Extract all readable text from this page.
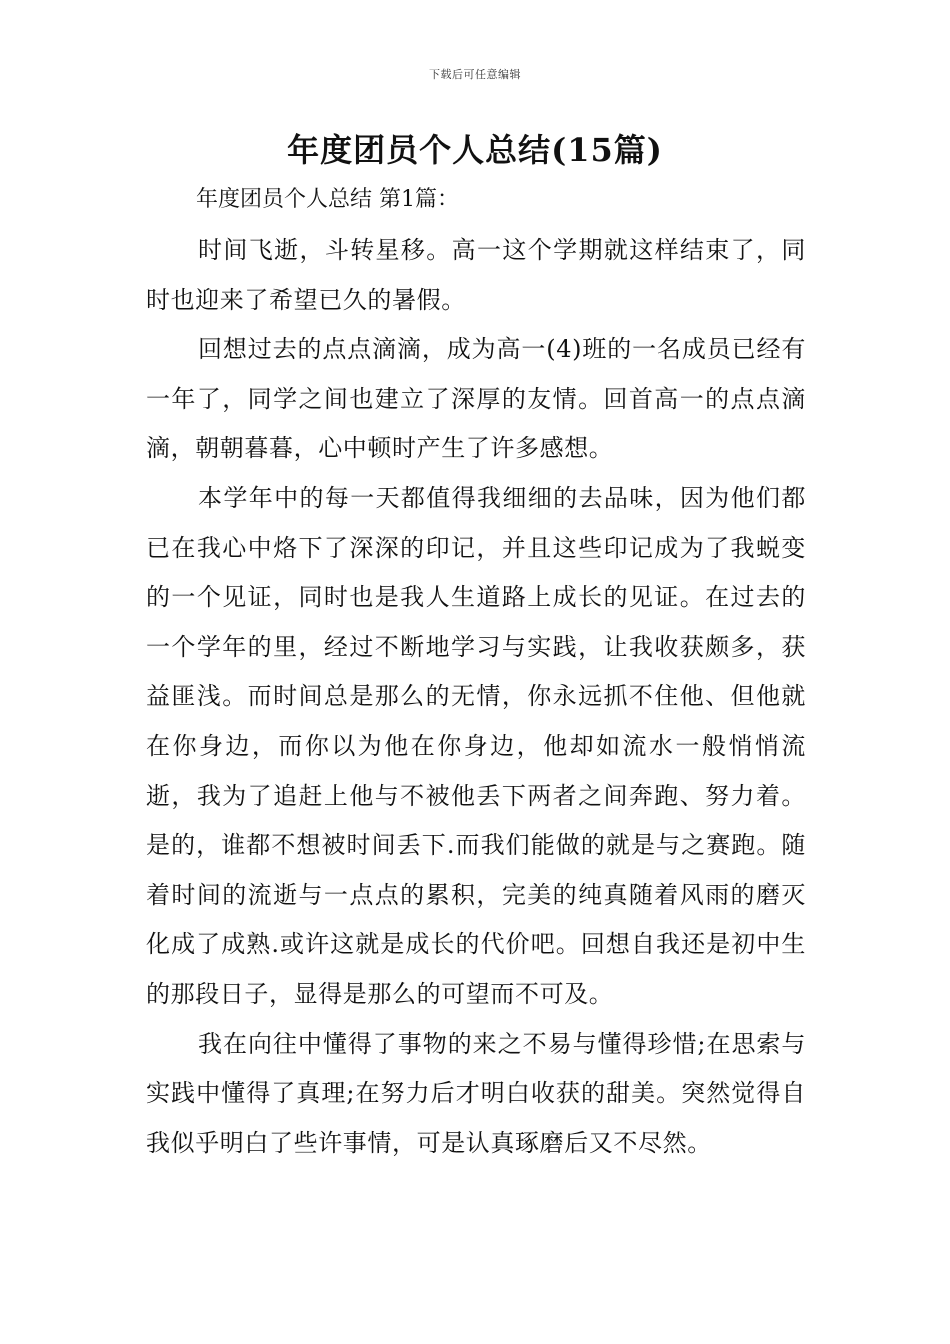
下载后可任意编辑
年度团员个人总结(15篇)

年度团员个人总结 第1篇：

时间飞逝，斗转星移。高一这个学期就这样结束了，同时也迎来了希望已久的暑假。

回想过去的点点滴滴，成为高一(4)班的一名成员已经有一年了，同学之间也建立了深厚的友情。回首高一的点点滴滴，朝朝暮暮，心中顿时产生了许多感想。

本学年中的每一天都值得我细细的去品味，因为他们都已在我心中烙下了深深的印记，并且这些印记成为了我蜕变的一个见证，同时也是我人生道路上成长的见证。在过去的一个学年的里，经过不断地学习与实践，让我收获颇多，获益匪浅。而时间总是那么的无情，你永远抓不住他、但他就在你身边，而你以为他在你身边，他却如流水一般悄悄流逝，我为了追赶上他与不被他丢下两者之间奔跑、努力着。是的，谁都不想被时间丢下.而我们能做的就是与之赛跑。随着时间的流逝与一点点的累积，完美的纯真随着风雨的磨灭化成了成熟.或许这就是成长的代价吧。回想自我还是初中生的那段日子，显得是那么的可望而不可及。

我在向往中懂得了事物的来之不易与懂得珍惜;在思索与实践中懂得了真理;在努力后才明白收获的甜美。突然觉得自我似乎明白了些许事情，可是认真琢磨后又不尽然。
